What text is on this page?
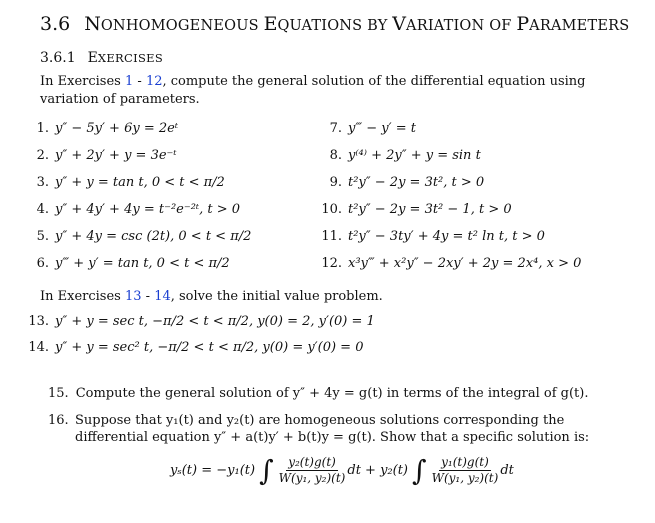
3.6 NONHOMOGENEOUS EQUATIONS BY VARIATION OF PARAMETERS
3.6.1 EXERCISES
In Exercises 1 - 12, compute the general solution of the differential equation using variation of parameters.
1. y″ − 5y′ + 6y = 2eᵗ
2. y″ + 2y′ + y = 3e⁻ᵗ
3. y″ + y = tan t, 0 < t < π/2
4. y″ + 4y′ + 4y = t⁻²e⁻²ᵗ, t > 0
5. y″ + 4y = csc (2t), 0 < t < π/2
6. y‴ + y′ = tan t, 0 < t < π/2
7. y‴ − y′ = t
8. y⁽⁴⁾ + 2y″ + y = sin t
9. t²y″ − 2y = 3t², t > 0
10. t²y″ − 2y = 3t² − 1, t > 0
11. t²y″ − 3ty′ + 4y = t² ln t, t > 0
12. x³y‴ + x²y″ − 2xy′ + 2y = 2x⁴, x > 0
In Exercises 13 - 14, solve the initial value problem.
13. y″ + y = sec t, −π/2 < t < π/2, y(0) = 2, y′(0) = 1
14. y″ + y = sec² t, −π/2 < t < π/2, y(0) = y′(0) = 0
15. Compute the general solution of y″ + 4y = g(t) in terms of the integral of g(t).
16. Suppose that y₁(t) and y₂(t) are homogeneous solutions corresponding the differential equation y″ + a(t)y′ + b(t)y = g(t). Show that a specific solution is:
yₛ(t) = −y₁(t) ∫ $\frac{\text{y₂(t)g(t)}}{\text{W(y₁, y₂)(t)}}$ dt + y₂(t) ∫ $\frac{\text{y₁(t)g(t)}}{\text{W(y₁, y₂)(t)}}$ dt
